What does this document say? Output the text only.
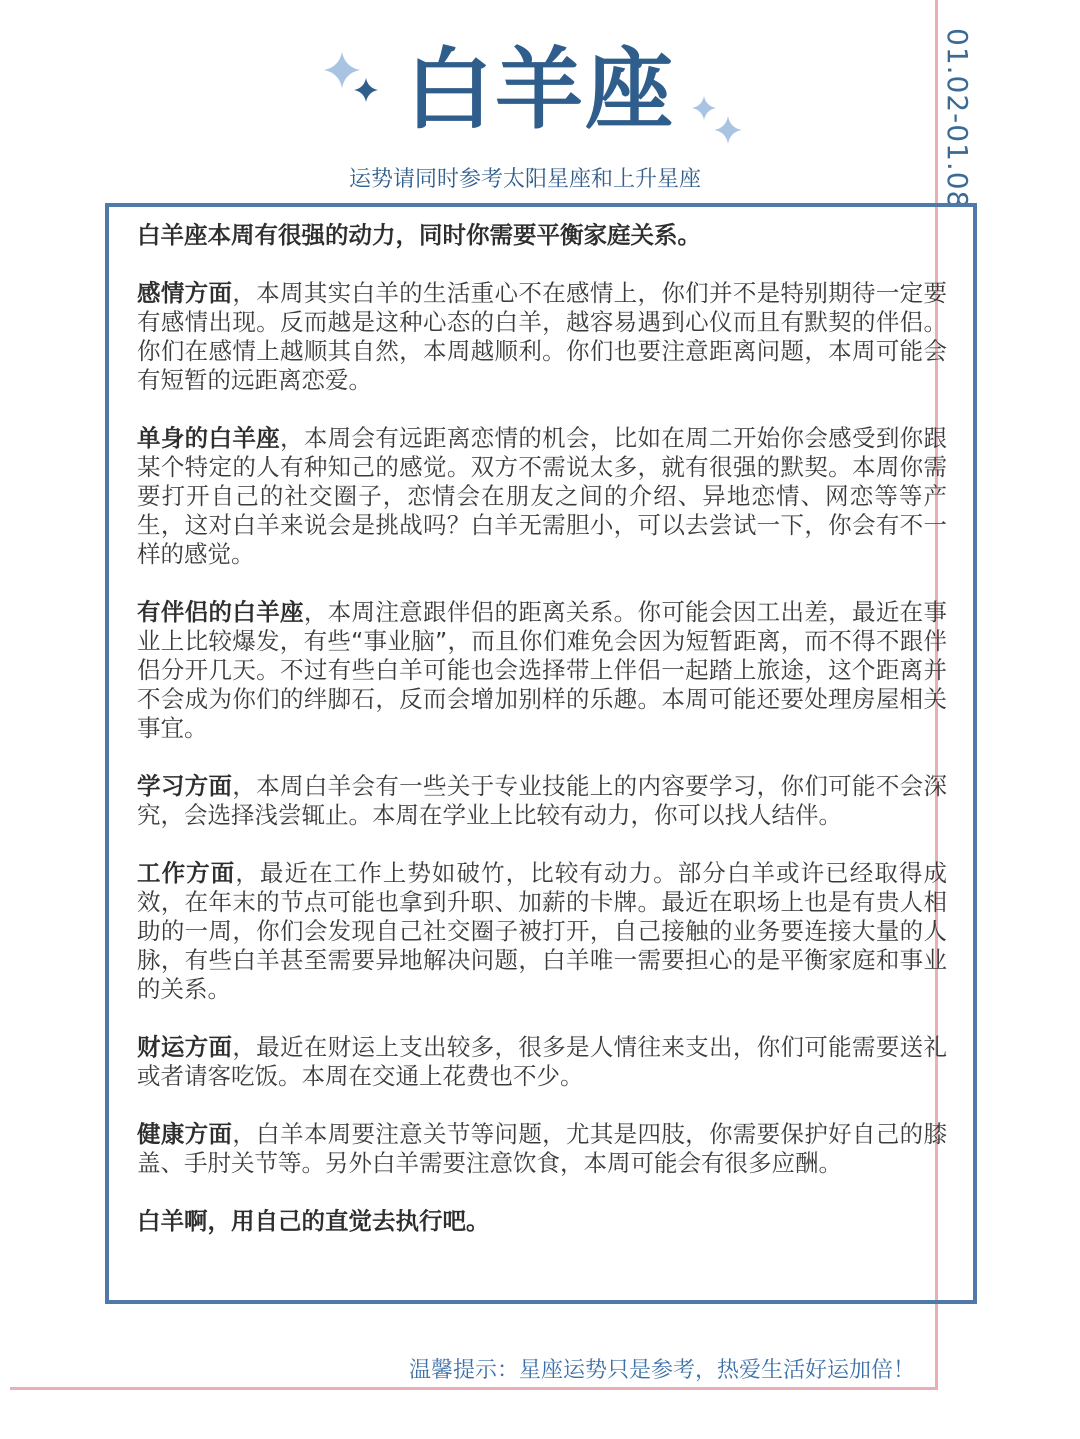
01.02-01.08
白羊座
运势请同时参考太阳星座和上升星座

白羊座本周有很强的动力，同时你需要平衡家庭关系。

感情方面，本周其实白羊的生活重心不在感情上，你们并不是特别期待一定要有感情出现。反而越是这种心态的白羊，越容易遇到心仪而且有默契的伴侣。你们在感情上越顺其自然，本周越顺利。你们也要注意距离问题，本周可能会有短暂的远距离恋爱。

单身的白羊座，本周会有远距离恋情的机会，比如在周二开始你会感受到你跟某个特定的人有种知己的感觉。双方不需说太多，就有很强的默契。本周你需要打开自己的社交圈子，恋情会在朋友之间的介绍、异地恋情、网恋等等产生，这对白羊来说会是挑战吗？白羊无需胆小，可以去尝试一下，你会有不一样的感觉。

有伴侣的白羊座，本周注意跟伴侣的距离关系。你可能会因工出差，最近在事业上比较爆发，有些“事业脑”，而且你们难免会因为短暂距离，而不得不跟伴侣分开几天。不过有些白羊可能也会选择带上伴侣一起踏上旅途，这个距离并不会成为你们的绊脚石，反而会增加别样的乐趣。本周可能还要处理房屋相关事宜。

学习方面，本周白羊会有一些关于专业技能上的内容要学习，你们可能不会深究，会选择浅尝辄止。本周在学业上比较有动力，你可以找人结伴。

工作方面，最近在工作上势如破竹，比较有动力。部分白羊或许已经取得成效，在年末的节点可能也拿到升职、加薪的卡牌。最近在职场上也是有贵人相助的一周，你们会发现自己社交圈子被打开，自己接触的业务要连接大量的人脉，有些白羊甚至需要异地解决问题，白羊唯一需要担心的是平衡家庭和事业的关系。

财运方面，最近在财运上支出较多，很多是人情往来支出，你们可能需要送礼或者请客吃饭。本周在交通上花费也不少。

健康方面，白羊本周要注意关节等问题，尤其是四肢，你需要保护好自己的膝盖、手肘关节等。另外白羊需要注意饮食，本周可能会有很多应酬。

白羊啊，用自己的直觉去执行吧。

温馨提示：星座运势只是参考，热爱生活好运加倍！
